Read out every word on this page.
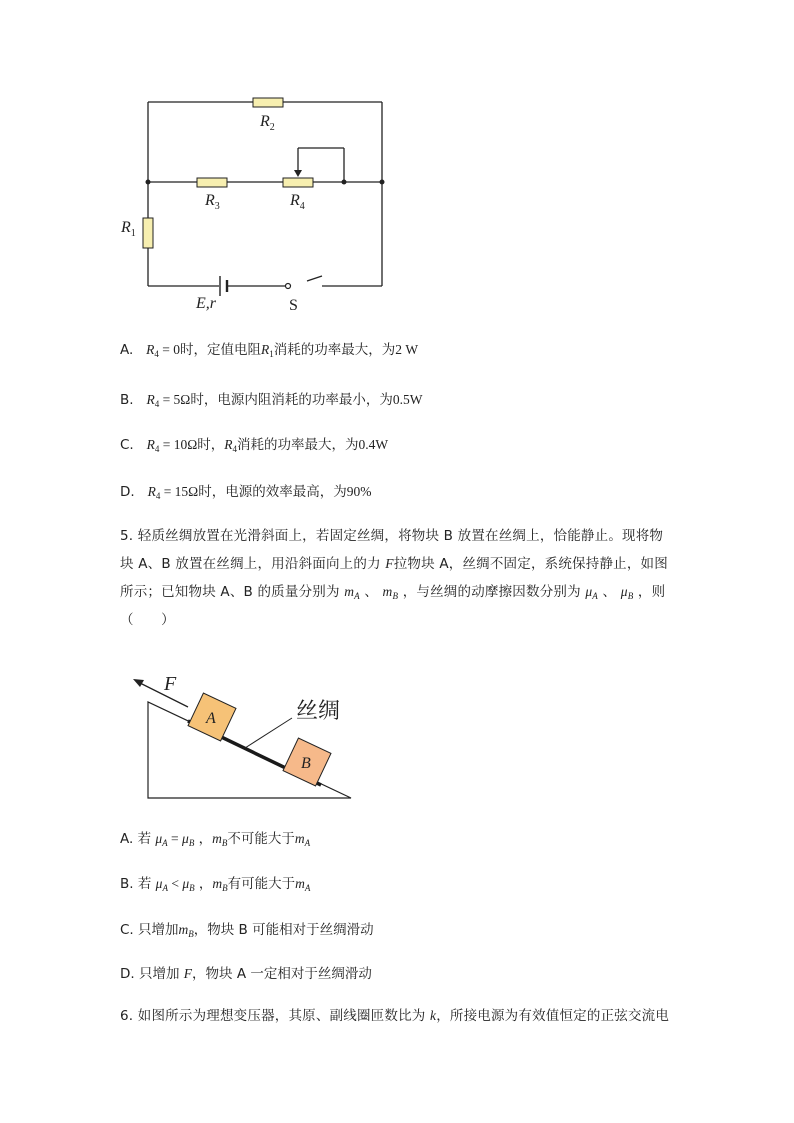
$R_2$
$R_3$	$R_4$
$R_1$
E,r	S
A. $R_4 = 0$时，定值电阻$R_1$消耗的功率最大，为2 W
B. $R_4 = 5\Omega$时，电源内阻消耗的功率最小，为0.5W
C. $R_4 = 10\Omega$时，$R_4$消耗的功率最大，为0.4W
D. $R_4 = 15\Omega$时，电源的效率最高，为90%
5. 轻质丝绸放置在光滑斜面上，若固定丝绸，将物块 B 放置在丝绸上，恰能静止。现将物
块 A、B 放置在丝绸上，用沿斜面向上的力 F拉物块 A，丝绸不固定，系统保持静止，如图
所示；已知物块 A、B 的质量分别为 $m_A$ 、 $m_B$ ，与丝绸的动摩擦因数分别为 $\mu_A$ 、 $\mu_B$ ，则
（　　）
A
B
F
丝绸
A. 若 $\mu_A = \mu_B$ ，$m_B$不可能大于$m_A$
B. 若 $\mu_A < \mu_B$ ，$m_B$有可能大于$m_A$
C. 只增加$m_B$，物块 B 可能相对于丝绸滑动
D. 只增加 F，物块 A 一定相对于丝绸滑动
6. 如图所示为理想变压器，其原、副线圈匝数比为 k，所接电源为有效值恒定的正弦交流电
